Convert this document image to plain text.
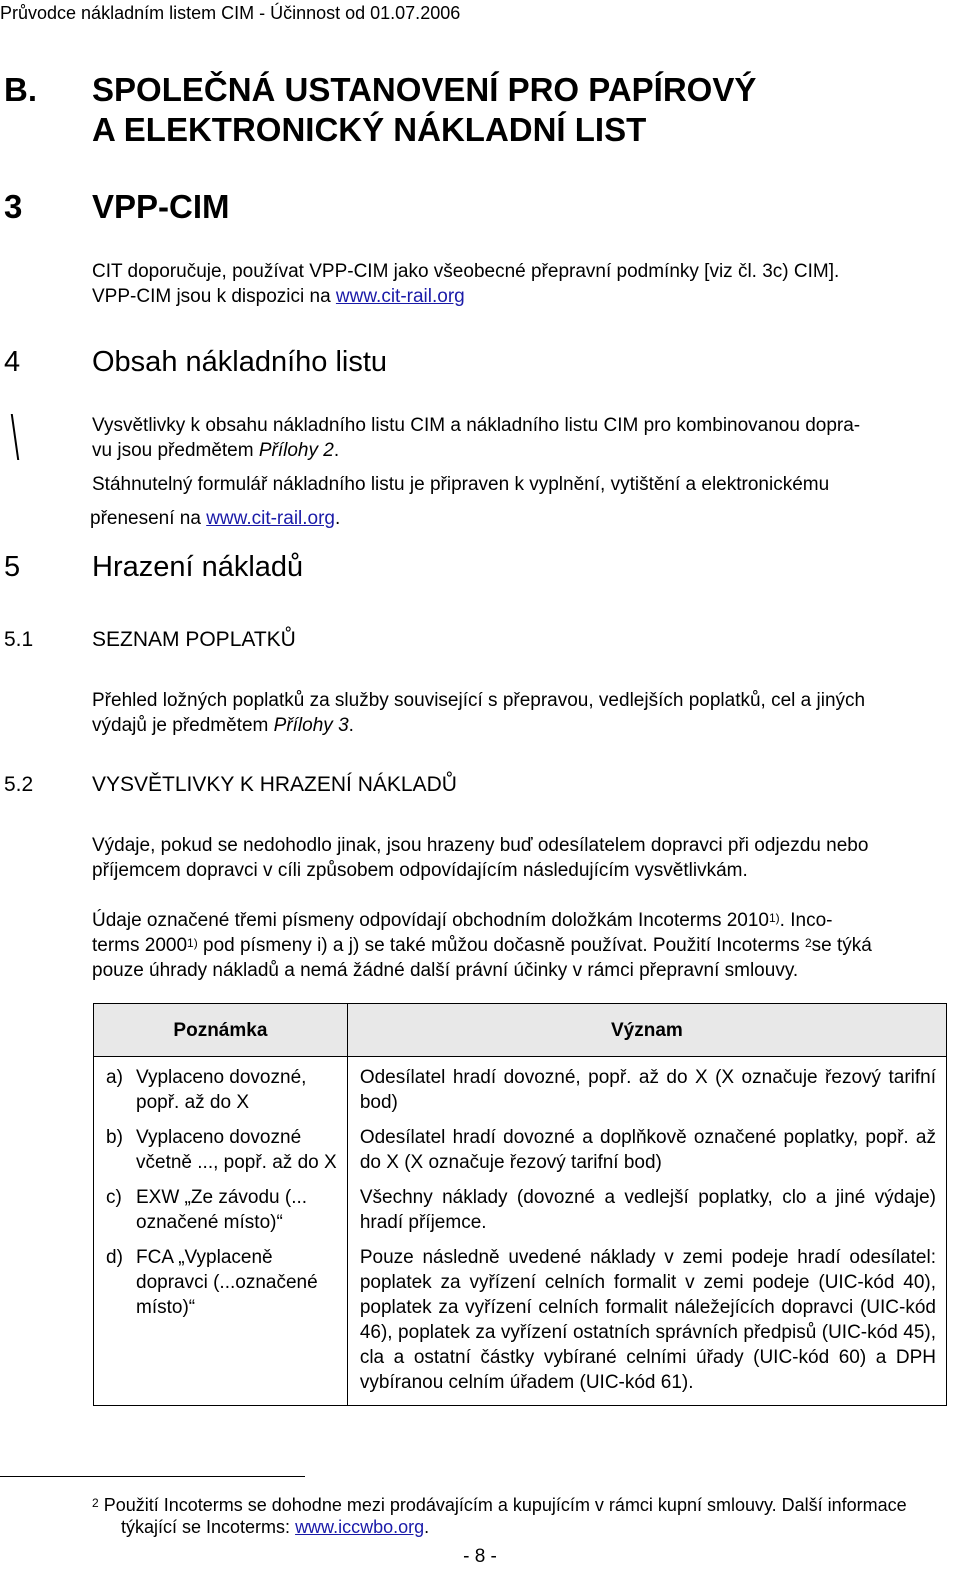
Průvodce nákladním listem CIM - Účinnost od 01.07.2006
B. SPOLEČNÁ USTANOVENÍ PRO PAPÍROVÝ
A ELEKTRONICKÝ NÁKLADNÍ LIST
3 VPP-CIM
CIT doporučuje, používat VPP-CIM jako všeobecné přepravní podmínky [viz čl. 3c) CIM].
VPP-CIM jsou k dispozici na www.cit-rail.org
4 Obsah nákladního listu
Vysvětlivky k obsahu nákladního listu CIM a nákladního listu CIM pro kombinovanou dopra-
vu jsou předmětem Přílohy 2.
Stáhnutelný formulář nákladního listu je připraven k vyplnění, vytištění a elektronickému
přenesení na www.cit-rail.org.
5 Hrazení nákladů
5.1	SEZNAM POPLATKŮ
Přehled ložných poplatků za služby související s přepravou, vedlejších poplatků, cel a jiných
výdajů je předmětem Přílohy 3.
5.2	VYSVĚTLIVKY K HRAZENÍ NÁKLADŮ
Výdaje, pokud se nedohodlo jinak, jsou hrazeny buď odesílatelem dopravci při odjezdu nebo
příjemcem dopravci v cíli způsobem odpovídajícím následujícím vysvětlivkám.
Údaje označené třemi písmeny odpovídají obchodním doložkám Incoterms 2010$^{1)}$. Inco-
terms 2000$^{1)}$ pod písmeny i) a j) se také můžou dočasně používat. Použití Incoterms $^2$se týká
pouze úhrady nákladů a nemá žádné další právní účinky v rámci přepravní smlouvy.
Poznámka	Význam

a) Vyplaceno dovozné, popř. až do X	Odesílatel hradí dovozné, popř. až do X (X označuje řezový tarifní bod)

b) Vyplaceno dovozné včetně ..., popř. až do X	Odesílatel hradí dovozné a doplňkově označené poplatky, popř. až do X (X označuje řezový tarifní bod)

c) EXW „Ze závodu (... označené místo)“	Všechny náklady (dovozné a vedlejší poplatky, clo a jiné výdaje) hradí příjemce.

d) FCA „Vyplaceně dopravci (...označené místo)“	Pouze následně uvedené náklady v zemi podeje hradí odesílatel: poplatek za vyřízení celních formalit v zemi podeje (UIC-kód 40), poplatek za vyřízení celních formalit náležejících dopravci (UIC-kód 46), poplatek za vyřízení ostatních správních předpisů (UIC-kód 45), cla a ostatní částky vybírané celními úřady (UIC-kód 60) a DPH vybíranou celním úřadem (UIC-kód 61).
$^2$ Použití Incoterms se dohodne mezi prodávajícím a kupujícím v rámci kupní smlouvy. Další informace
týkající se Incoterms: www.iccwbo.org.
- 8 -
